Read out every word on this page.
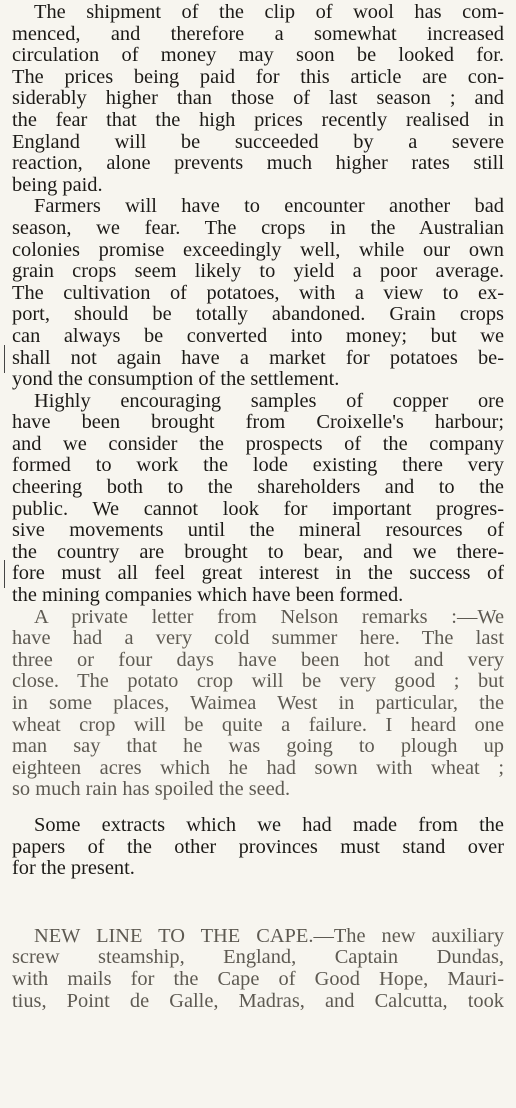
The shipment of the clip of wool has com-
menced, and therefore a somewhat increased
circulation of money may soon be looked for.
The prices being paid for this article are con-
siderably higher than those of last season ; and
the fear that the high prices recently realised in
England will be succeeded by a severe
reaction, alone prevents much higher rates still
being paid.
Farmers will have to encounter another bad
season, we fear. The crops in the Australian
colonies promise exceedingly well, while our own
grain crops seem likely to yield a poor average.
The cultivation of potatoes, with a view to ex-
port, should be totally abandoned. Grain crops
can always be converted into money; but we
shall not again have a market for potatoes be-
yond the consumption of the settlement.
Highly encouraging samples of copper ore
have been brought from Croixelle's harbour;
and we consider the prospects of the company
formed to work the lode existing there very
cheering both to the shareholders and to the
public. We cannot look for important progres-
sive movements until the mineral resources of
the country are brought to bear, and we there-
fore must all feel great interest in the success of
the mining companies which have been formed.
A private letter from Nelson remarks :—We
have had a very cold summer here. The last
three or four days have been hot and very
close. The potato crop will be very good ; but
in some places, Waimea West in particular, the
wheat crop will be quite a failure. I heard one
man say that he was going to plough up
eighteen acres which he had sown with wheat ;
so much rain has spoiled the seed.
Some extracts which we had made from the
papers of the other provinces must stand over
for the present.
NEW LINE TO THE CAPE.—The new auxiliary
screw steamship, England, Captain Dundas,
with mails for the Cape of Good Hope, Mauri-
tius, Point de Galle, Madras, and Calcutta, took
